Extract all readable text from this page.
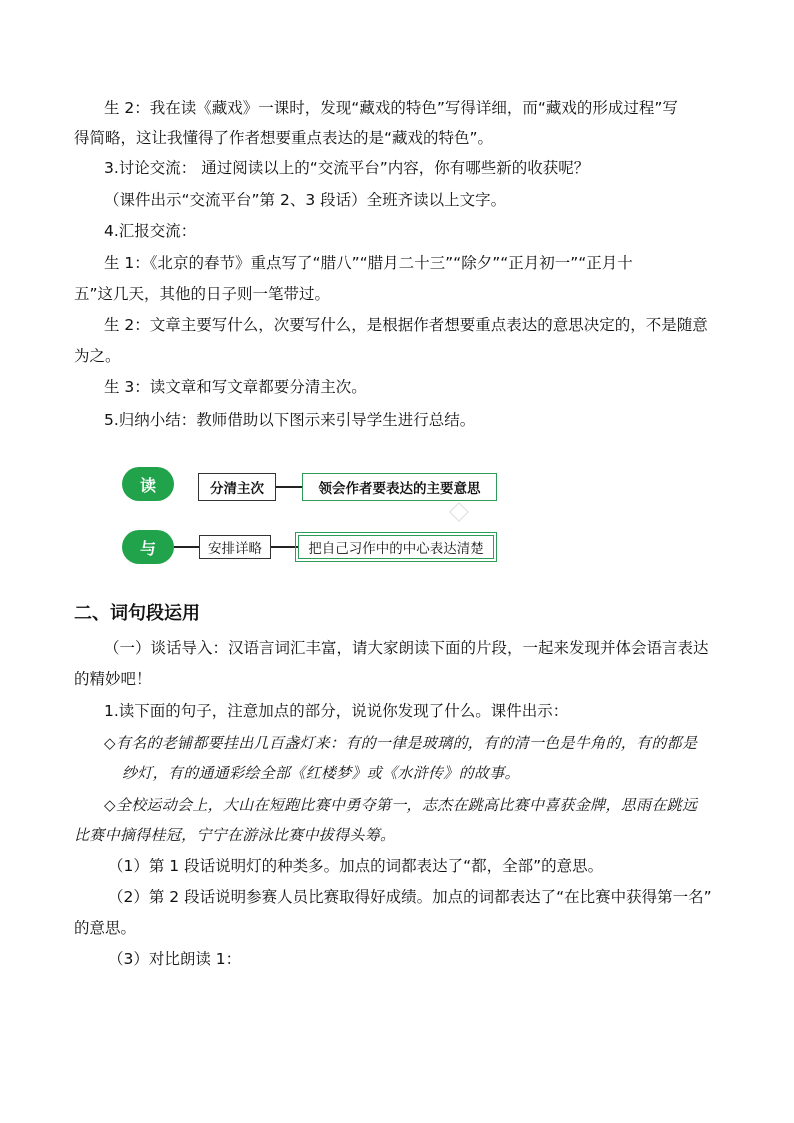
生 2：我在读《藏戏》一课时，发现“藏戏的特色”写得详细，而“藏戏的形成过程”写
得简略，这让我懂得了作者想要重点表达的是“藏戏的特色”。
3.讨论交流： 通过阅读以上的“交流平台”内容，你有哪些新的收获呢？
（课件出示“交流平台”第 2、3 段话）全班齐读以上文字。
4.汇报交流：
生 1：《北京的春节》重点写了“腊八”“腊月二十三”“除夕”“正月初一”“正月十
五”这几天，其他的日子则一笔带过。
生 2：文章主要写什么，次要写什么，是根据作者想要重点表达的意思决定的，不是随意
为之。
生 3：读文章和写文章都要分清主次。
5.归纳小结：教师借助以下图示来引导学生进行总结。
读	分清主次	领会作者要表达的主要意思
与	安排详略	把自己习作中的中心表达清楚
二、词句段运用
（一）谈话导入：汉语言词汇丰富，请大家朗读下面的片段，一起来发现并体会语言表达
的精妙吧！
1.读下面的句子，注意加点的部分，说说你发现了什么。课件出示：
◇有名的老铺都要挂出几百盏灯来：有的一律是玻璃的，有的清一色是牛角的，有的都是
纱灯，有的通通彩绘全部《红楼梦》或《水浒传》的故事。
◇全校运动会上，大山在短跑比赛中勇夺第一，志杰在跳高比赛中喜获金牌，思雨在跳远
比赛中摘得桂冠，宁宁在游泳比赛中拔得头筹。
（1）第 1 段话说明灯的种类多。加点的词都表达了“都，全部”的意思。
（2）第 2 段话说明参赛人员比赛取得好成绩。加点的词都表达了“在比赛中获得第一名”
的意思。
（3）对比朗读 1：
